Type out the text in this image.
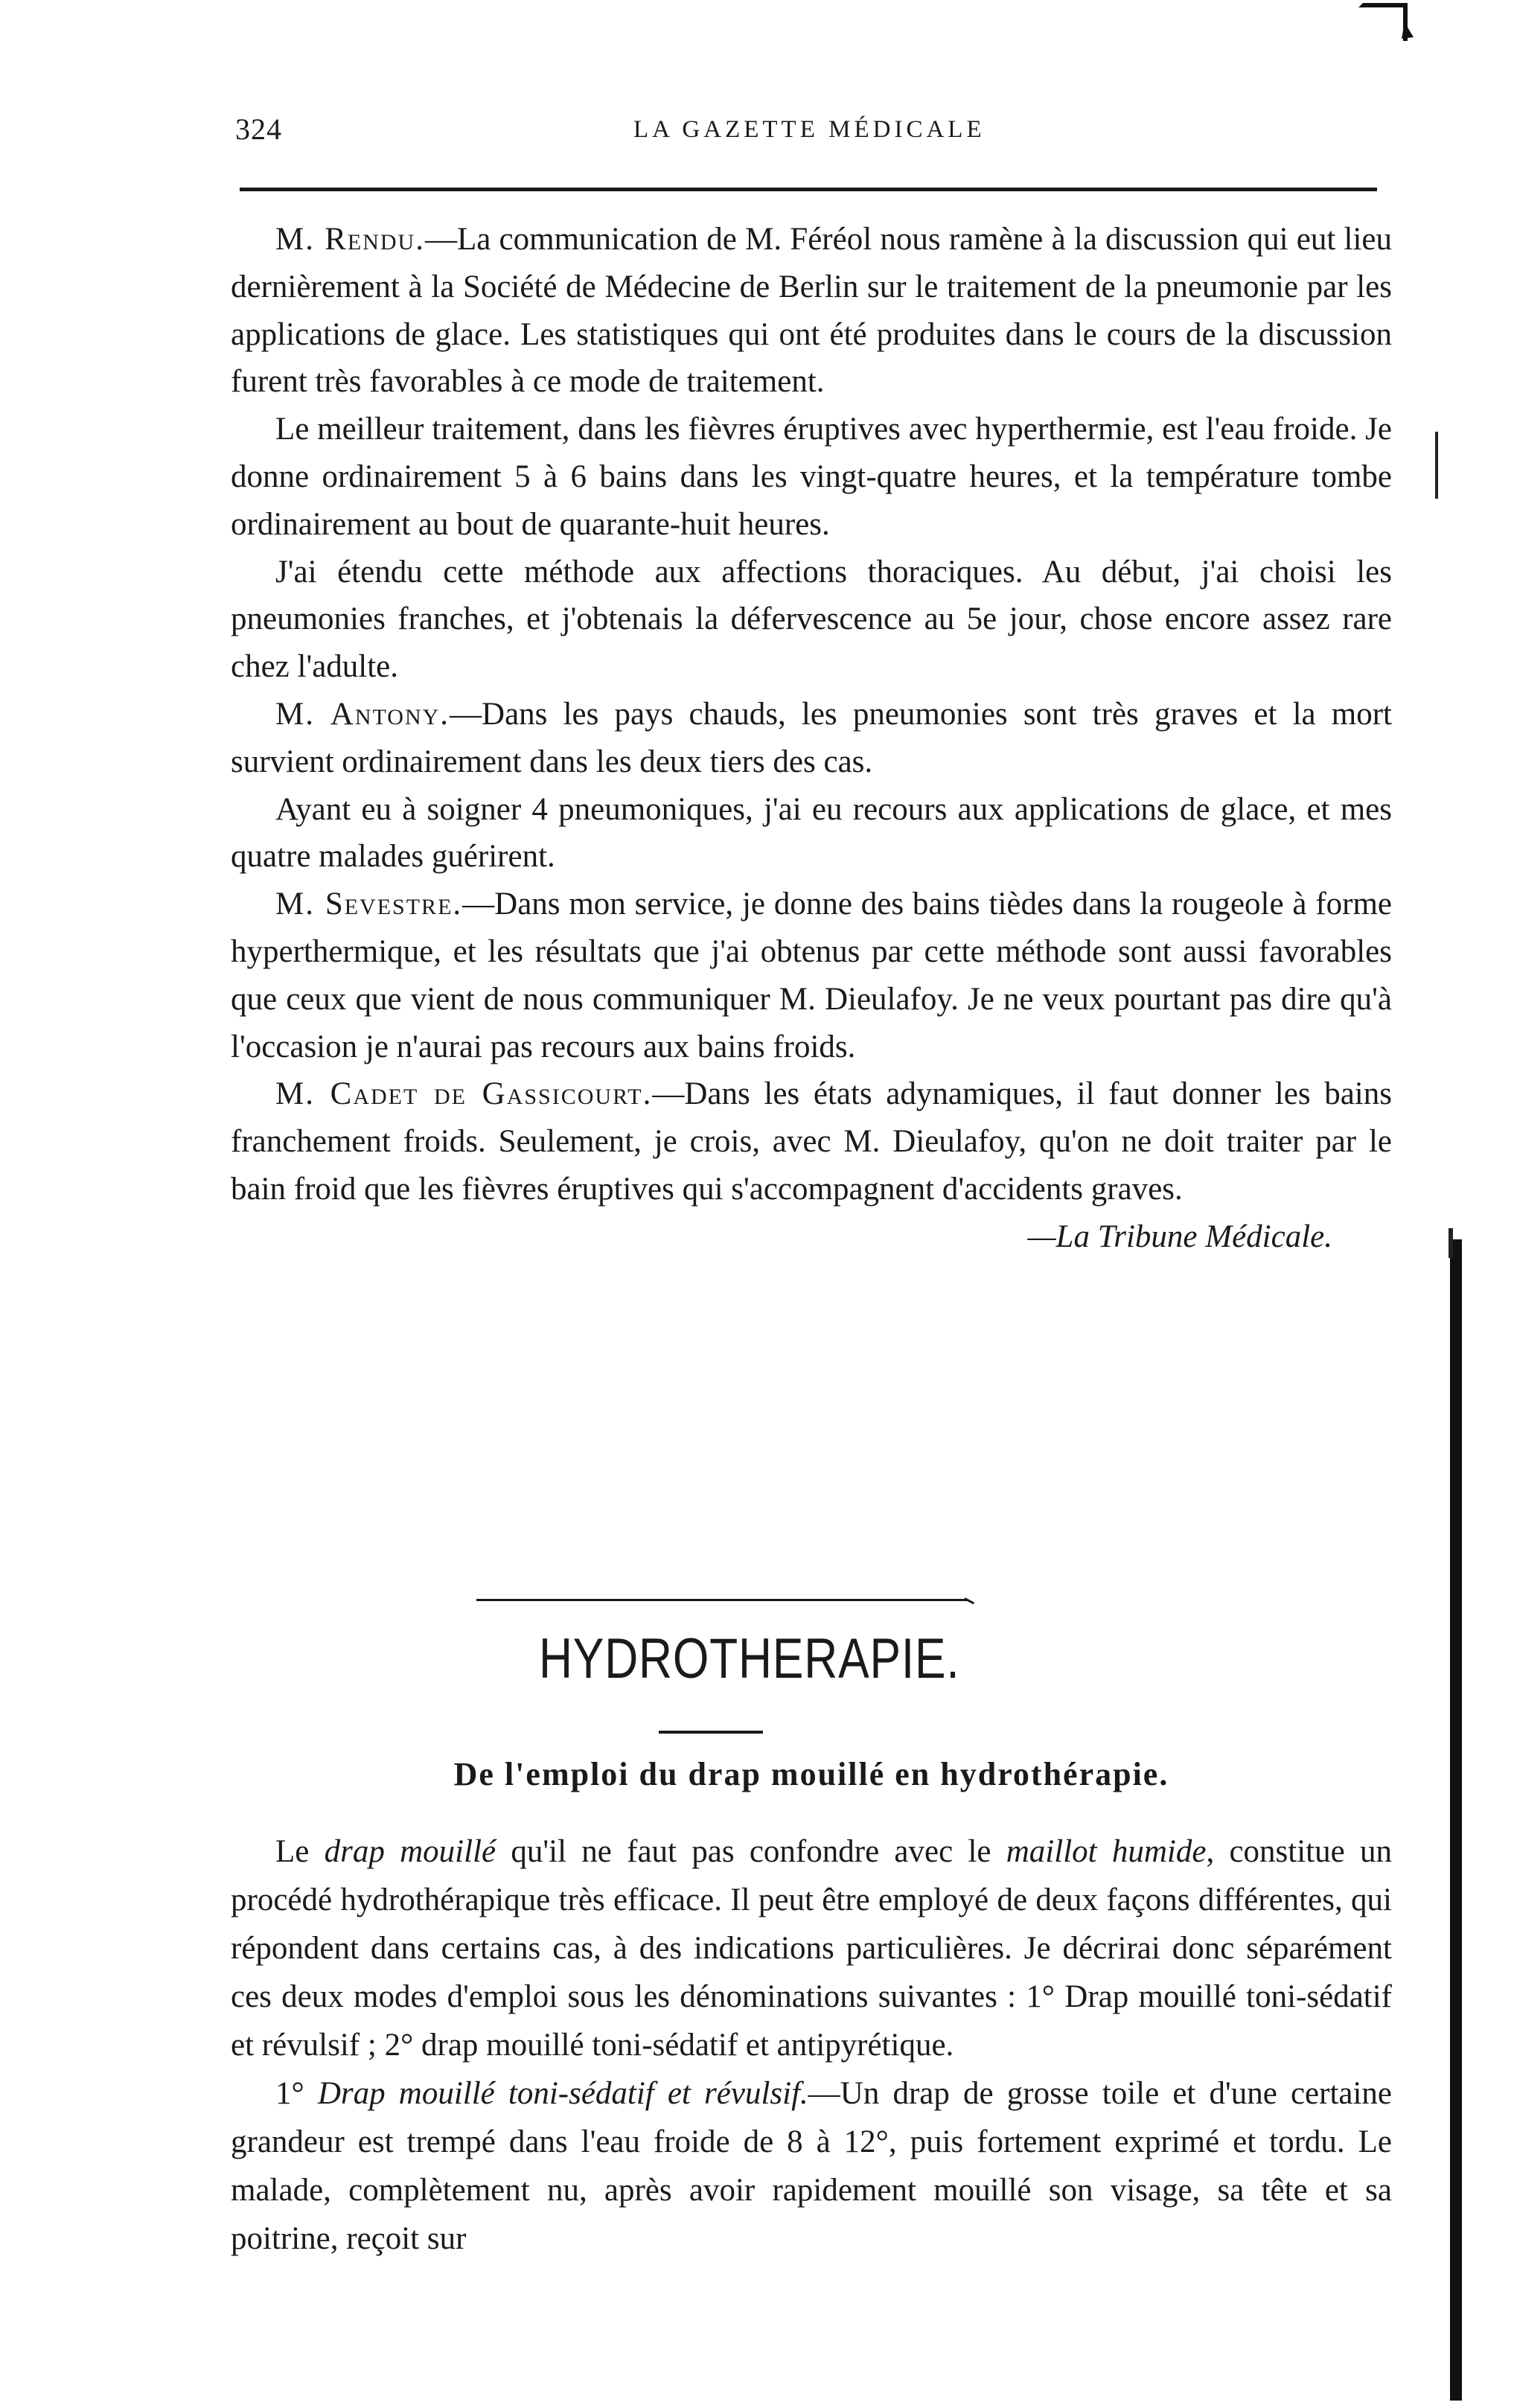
324	LA GAZETTE MÉDICALE

M. Rendu.—La communication de M. Féréol nous ramène à la discussion qui eut lieu dernièrement à la Société de Médecine de Berlin sur le traitement de la pneumonie par les applications de glace. Les statistiques qui ont été produites dans le cours de la discussion furent très favorables à ce mode de traitement.

Le meilleur traitement, dans les fièvres éruptives avec hyperthermie, est l'eau froide. Je donne ordinairement 5 à 6 bains dans les vingt-quatre heures, et la température tombe ordinairement au bout de quarante-huit heures.

J'ai étendu cette méthode aux affections thoraciques. Au début, j'ai choisi les pneumonies franches, et j'obtenais la défervescence au 5e jour, chose encore assez rare chez l'adulte.

M. Antony.—Dans les pays chauds, les pneumonies sont très graves et la mort survient ordinairement dans les deux tiers des cas.

Ayant eu à soigner 4 pneumoniques, j'ai eu recours aux applications de glace, et mes quatre malades guérirent.

M. Sevestre.—Dans mon service, je donne des bains tièdes dans la rougeole à forme hyperthermique, et les résultats que j'ai obtenus par cette méthode sont aussi favorables que ceux que vient de nous communiquer M. Dieulafoy. Je ne veux pourtant pas dire qu'à l'occasion je n'aurai pas recours aux bains froids.

M. Cadet de Gassicourt.—Dans les états adynamiques, il faut donner les bains franchement froids. Seulement, je crois, avec M. Dieulafoy, qu'on ne doit traiter par le bain froid que les fièvres éruptives qui s'accompagnent d'accidents graves.

—La Tribune Médicale.

HYDROTHERAPIE.
De l'emploi du drap mouillé en hydrothérapie.

Le drap mouillé qu'il ne faut pas confondre avec le maillot humide, constitue un procédé hydrothérapique très efficace. Il peut être employé de deux façons différentes, qui répondent dans certains cas, à des indications particulières. Je décrirai donc séparément ces deux modes d'emploi sous les dénominations suivantes : 1° Drap mouillé toni-sédatif et révulsif ; 2° drap mouillé toni-sédatif et antipyrétique.

1° Drap mouillé toni-sédatif et révulsif.—Un drap de grosse toile et d'une certaine grandeur est trempé dans l'eau froide de 8 à 12°, puis fortement exprimé et tordu. Le malade, complètement nu, après avoir rapidement mouillé son visage, sa tête et sa poitrine, reçoit sur
